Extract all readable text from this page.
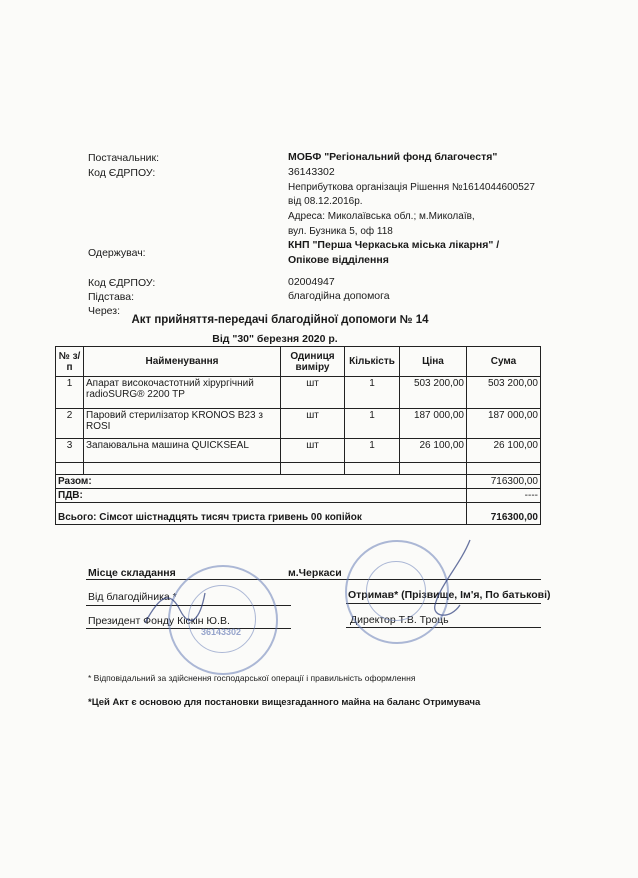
Постачальник:	МОБФ "Регіональний фонд благочестя"
Код ЄДРПОУ:	36143302
Неприбуткова організація Рішення №1614044600527
від 08.12.2016р.
Адреса: Миколаївська обл.; м.Миколаїв,
вул. Бузника 5, оф 118
Одержувач:
КНП "Перша Черкаська міська лікарня" /
Опікове відділення
Код ЄДРПОУ:	02004947
Підстава:	благодійна допомога
Через:
Акт прийняття-передачі благодійної допомоги № 14
Від "30" березня 2020 р.
№ з/п	Найменування	Одиниця виміру	Кількість	Ціна	Сума
1	Апарат високочастотний хірургічний radioSURG® 2200 TP	шт	1	503 200,00	503 200,00
2	Паровий стерилізатор KRONOS B23 з ROSI	шт	1	187 000,00	187 000,00
3	Запаювальна машина QUICKSEAL	шт	1	26 100,00	26 100,00

Разом:					716300,00
ПДВ:					----
Всього: Сімсот шістнадцять тисяч триста гривень 00 копійок					716300,00
Місце складання	м.Черкаси
Від благодійника *
Президент Фонду Кіскін Ю.В.
Отримав* (Прізвище, Ім'я, По батькові)
Директор Т.В. Троць
36143302
* Відповідальний за здійснення господарської операції і правильність оформлення
*Цей Акт є основою для постановки вищезгаданного майна на баланс Отримувача
